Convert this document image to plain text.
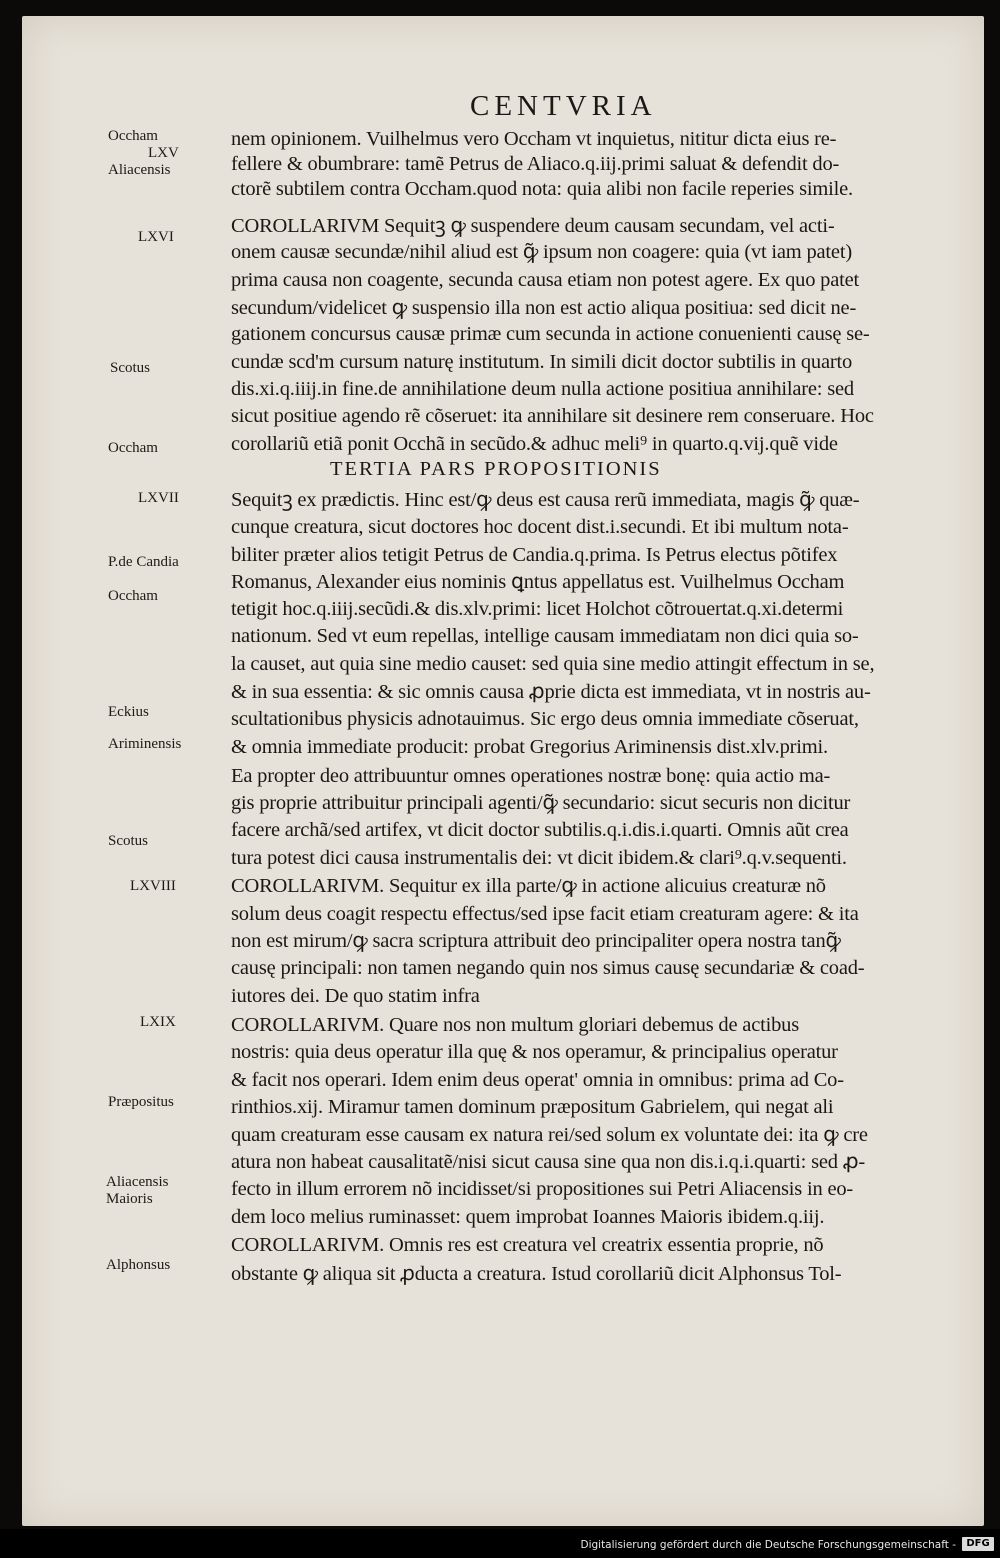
CENTVRIA
Occham
LXV
Aliacensis
LXVI
Scotus
Occham
LXVII
P.de Candia
Occham
Eckius
Ariminensis
Scotus
LXVIII
LXIX
Præpositus
Aliacensis
Maioris
Alphonsus
nem opinionem. Vuilhelmus vero Occham vt inquietus, nititur dicta eius re-
fellere & obumbrare: tamẽ Petrus de Aliaco.q.iij.primi saluat & defendit do-
ctorẽ subtilem contra Occham.quod nota: quia alibi non facile reperies simile.
COROLLARIVM Sequitꝫ ꝙ suspendere deum causam secundam, vel acti-
onem causæ secundæ/nihil aliud est ꝙ̃ ipsum non coagere: quia (vt iam patet)
prima causa non coagente, secunda causa etiam non potest agere. Ex quo patet
secundum/videlicet ꝙ suspensio illa non est actio aliqua positiua: sed dicit ne-
gationem concursus causæ primæ cum secunda in actione conuenienti causę se-
cundæ scd'm cursum naturę institutum. In simili dicit doctor subtilis in quarto
dis.xi.q.iiij.in fine.de annihilatione deum nulla actione positiua annihilare: sed
sicut positiue agendo rẽ cõseruet: ita annihilare sit desinere rem conseruare. Hoc
corollariũ etiã ponit Occhã in secũdo.& adhuc meli⁹ in quarto.q.vij.quẽ vide
TERTIA PARS PROPOSITIONIS
Sequitꝫ ex prædictis. Hinc est/ꝙ deus est causa rerũ immediata, magis ꝙ̃ quæ-
cunque creatura, sicut doctores hoc docent dist.i.secundi. Et ibi multum nota-
biliter præter alios tetigit Petrus de Candia.q.prima. Is Petrus electus põtifex
Romanus, Alexander eius nominis ꝗntus appellatus est. Vuilhelmus Occham
tetigit hoc.q.iiij.secũdi.& dis.xlv.primi: licet Holchot cõtrouertat.q.xi.determi
nationum. Sed vt eum repellas, intellige causam immediatam non dici quia so-
la causet, aut quia sine medio causet: sed quia sine medio attingit effectum in se,
& in sua essentia: & sic omnis causa ꝓprie dicta est immediata, vt in nostris au-
scultationibus physicis adnotauimus. Sic ergo deus omnia immediate cõseruat,
& omnia immediate producit: probat Gregorius Ariminensis dist.xlv.primi.
Ea propter deo attribuuntur omnes operationes nostræ bonę: quia actio ma-
gis proprie attribuitur principali agenti/ꝙ̃ secundario: sicut securis non dicitur
facere archã/sed artifex, vt dicit doctor subtilis.q.i.dis.i.quarti. Omnis aũt crea
tura potest dici causa instrumentalis dei: vt dicit ibidem.& clari⁹.q.v.sequenti.
COROLLARIVM. Sequitur ex illa parte/ꝙ in actione alicuius creaturæ nõ
solum deus coagit respectu effectus/sed ipse facit etiam creaturam agere: & ita
non est mirum/ꝙ sacra scriptura attribuit deo principaliter opera nostra tanꝙ̃
causę principali: non tamen negando quin nos simus causę secundariæ & coad-
iutores dei. De quo statim infra
COROLLARIVM. Quare nos non multum gloriari debemus de actibus
nostris: quia deus operatur illa quę & nos operamur, & principalius operatur
& facit nos operari. Idem enim deus operat' omnia in omnibus: prima ad Co-
rinthios.xij. Miramur tamen dominum præpositum Gabrielem, qui negat ali
quam creaturam esse causam ex natura rei/sed solum ex voluntate dei: ita ꝙ cre
atura non habeat causalitatẽ/nisi sicut causa sine qua non dis.i.q.i.quarti: sed ꝓ-
fecto in illum errorem nõ incidisset/si propositiones sui Petri Aliacensis in eo-
dem loco melius ruminasset: quem improbat Ioannes Maioris ibidem.q.iij.
COROLLARIVM. Omnis res est creatura vel creatrix essentia proprie, nõ
obstante ꝙ aliqua sit ꝓducta a creatura. Istud corollariũ dicit Alphonsus Tol-
Digitalisierung gefördert durch die Deutsche Forschungsgemeinschaft -	DFG
